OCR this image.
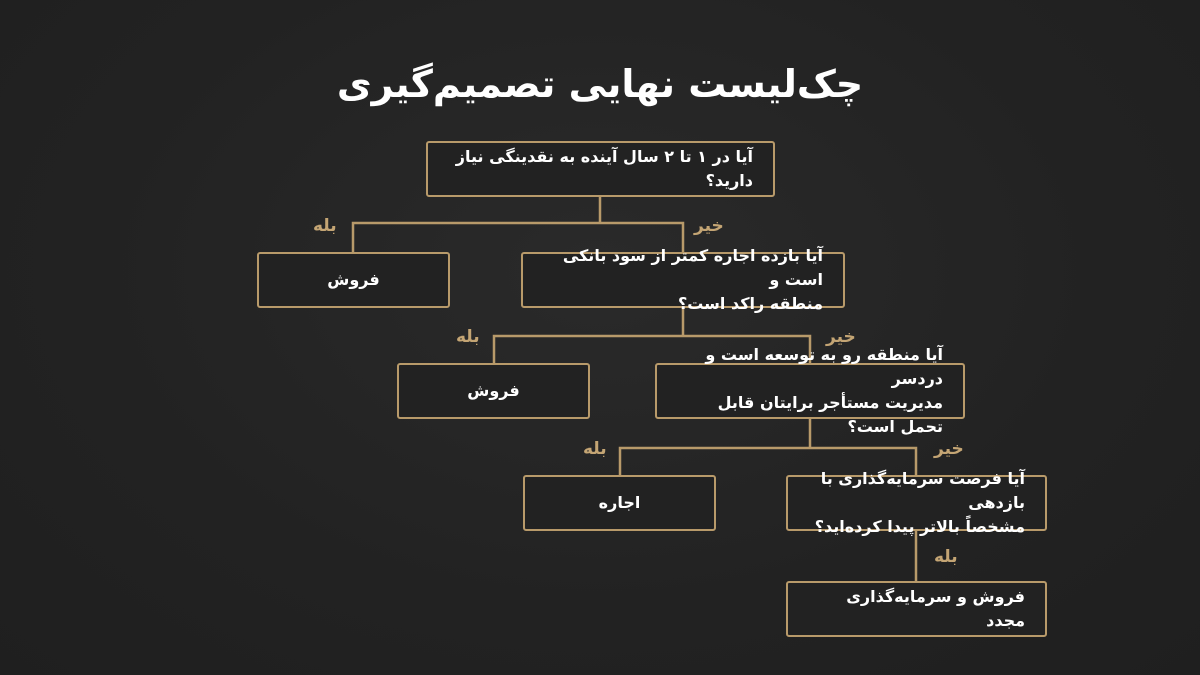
چک‌لیست نهایی تصمیم‌گیری
آیا در ۱ تا ۲ سال آینده به نقدینگی نیاز دارید؟
بله	خیر
فروش
آیا بازده اجاره کمتر از سود بانکی است و
منطقه راکد است؟
بله	خیر
فروش
آیا منطقه رو به توسعه است و دردسر
مدیریت مستأجر برایتان قابل تحمل است؟
بله	خیر
اجاره
آیا فرصت سرمایه‌گذاری با بازدهی
مشخصاً بالاتر پیدا کرده‌اید؟
بله
فروش و سرمایه‌گذاری مجدد
